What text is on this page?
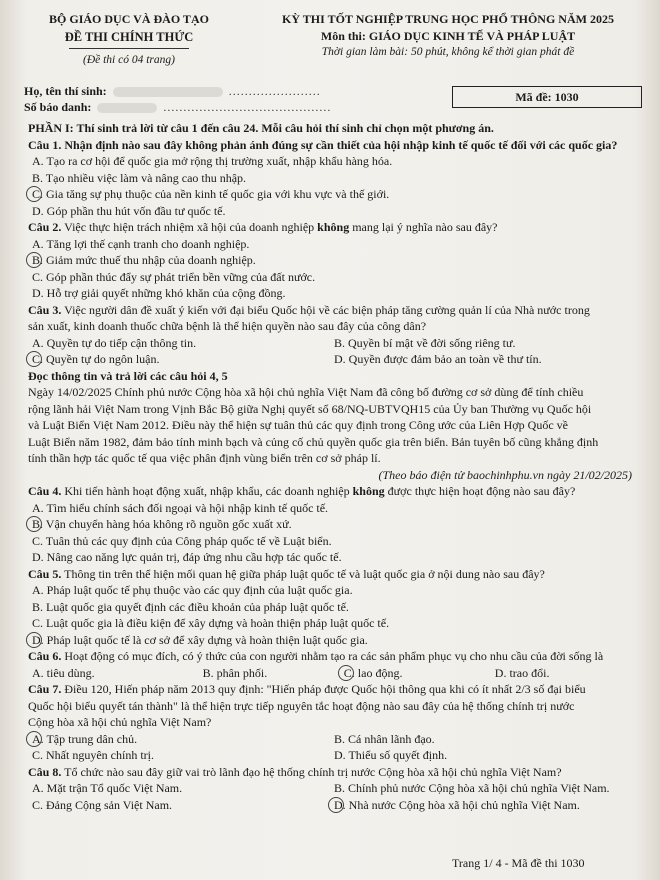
BỘ GIÁO DỤC VÀ ĐÀO TẠO
ĐỀ THI CHÍNH THỨC
(Đề thi có 04 trang)
KỲ THI TỐT NGHIỆP TRUNG HỌC PHỔ THÔNG NĂM 2025
Môn thi: GIÁO DỤC KINH TẾ VÀ PHÁP LUẬT
Thời gian làm bài: 50 phút, không kể thời gian phát đề
Họ, tên thí sinh:	.......................
Số báo danh:	..........................................
Mã đề: 1030
PHẦN I: Thí sinh trả lời từ câu 1 đến câu 24. Mỗi câu hỏi thí sinh chỉ chọn một phương án.
Câu 1. Nhận định nào sau đây không phản ánh đúng sự cần thiết của hội nhập kinh tế quốc tế đối với các quốc gia?
A. Tạo ra cơ hội để quốc gia mở rộng thị trường xuất, nhập khẩu hàng hóa.
B. Tạo nhiều việc làm và nâng cao thu nhập.
C. Gia tăng sự phụ thuộc của nền kinh tế quốc gia với khu vực và thế giới.
D. Góp phần thu hút vốn đầu tư quốc tế.
Câu 2. Việc thực hiện trách nhiệm xã hội của doanh nghiệp không mang lại ý nghĩa nào sau đây?
A. Tăng lợi thế cạnh tranh cho doanh nghiệp.
B. Giảm mức thuế thu nhập của doanh nghiệp.
C. Góp phần thúc đẩy sự phát triển bền vững của đất nước.
D. Hỗ trợ giải quyết những khó khăn của cộng đồng.
Câu 3. Việc người dân đề xuất ý kiến với đại biểu Quốc hội về các biện pháp tăng cường quản lí của Nhà nước trong
sản xuất, kinh doanh thuốc chữa bệnh là thể hiện quyền nào sau đây của công dân?
A. Quyền tự do tiếp cận thông tin.	B. Quyền bí mật về đời sống riêng tư.
C. Quyền tự do ngôn luận.	D. Quyền được đảm bảo an toàn về thư tín.
Đọc thông tin và trả lời các câu hỏi 4, 5
Ngày 14/02/2025 Chính phủ nước Cộng hòa xã hội chủ nghĩa Việt Nam đã công bố đường cơ sở dùng để tính chiều
rộng lãnh hải Việt Nam trong Vịnh Bắc Bộ giữa Nghị quyết số 68/NQ-UBTVQH15 của Ủy ban Thường vụ Quốc hội
và Luật Biển Việt Nam 2012. Điều này thể hiện sự tuân thủ các quy định trong Công ước của Liên Hợp Quốc về
Luật Biển năm 1982, đảm bảo tính minh bạch và củng cố chủ quyền quốc gia trên biển. Bản tuyên bố cũng khẳng định
tính thần hợp tác quốc tế qua việc phân định vùng biển trên cơ sở pháp lí.
(Theo báo điện tử baochinhphu.vn ngày 21/02/2025)
Câu 4. Khi tiến hành hoạt động xuất, nhập khẩu, các doanh nghiệp không được thực hiện hoạt động nào sau đây?
A. Tìm hiểu chính sách đối ngoại và hội nhập kinh tế quốc tế.
B. Vận chuyển hàng hóa không rõ nguồn gốc xuất xứ.
C. Tuân thủ các quy định của Công pháp quốc tế về Luật biển.
D. Nâng cao năng lực quản trị, đáp ứng nhu cầu hợp tác quốc tế.
Câu 5. Thông tin trên thể hiện mối quan hệ giữa pháp luật quốc tế và luật quốc gia ở nội dung nào sau đây?
A. Pháp luật quốc tế phụ thuộc vào các quy định của luật quốc gia.
B. Luật quốc gia quyết định các điều khoản của pháp luật quốc tế.
C. Luật quốc gia là điều kiện để xây dựng và hoàn thiện pháp luật quốc tế.
D. Pháp luật quốc tế là cơ sở để xây dựng và hoàn thiện luật quốc gia.
Câu 6. Hoạt động có mục đích, có ý thức của con người nhằm tạo ra các sản phẩm phục vụ cho nhu cầu của đời sống là
A. tiêu dùng.	B. phân phối.	C. lao động.	D. trao đổi.
Câu 7. Điều 120, Hiến pháp năm 2013 quy định: "Hiến pháp được Quốc hội thông qua khi có ít nhất 2/3 số đại biểu
Quốc hội biểu quyết tán thành" là thể hiện trực tiếp nguyên tắc hoạt động nào sau đây của hệ thống chính trị nước
Cộng hòa xã hội chủ nghĩa Việt Nam?
A. Tập trung dân chủ.	B. Cá nhân lãnh đạo.
C. Nhất nguyên chính trị.	D. Thiểu số quyết định.
Câu 8. Tổ chức nào sau đây giữ vai trò lãnh đạo hệ thống chính trị nước Cộng hòa xã hội chủ nghĩa Việt Nam?
A. Mặt trận Tổ quốc Việt Nam.	B. Chính phủ nước Cộng hòa xã hội chủ nghĩa Việt Nam.
C. Đảng Cộng sản Việt Nam.	D. Nhà nước Cộng hòa xã hội chủ nghĩa Việt Nam.
Trang 1/ 4 - Mã đề thi 1030
